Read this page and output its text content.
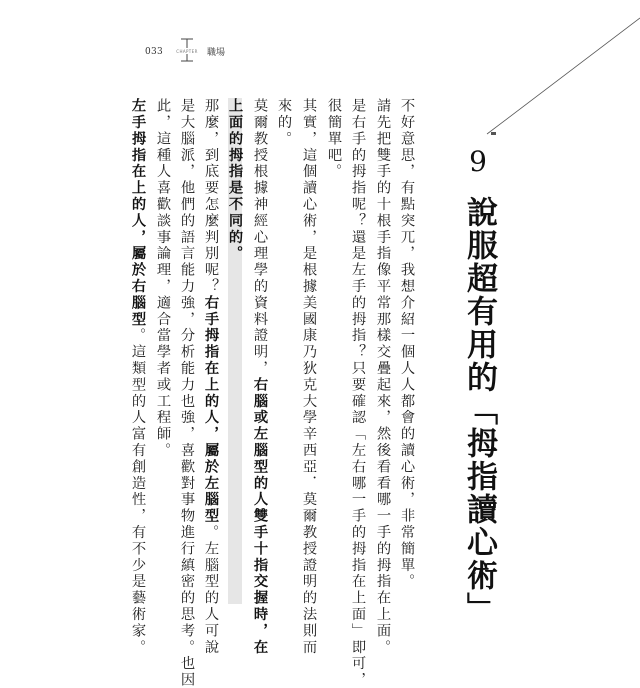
033	CHAPTER	職場
9
說服超有用的「拇指讀心術」
不好意思，有點突兀，我想介紹一個人人都會的讀心術，非常簡單。
請先把雙手的十根手指像平常那樣交疊起來，然後看看哪一手的拇指在上面。
是右手的拇指呢？還是左手的拇指？只要確認「左右哪一手的拇指在上面」即可，
很簡單吧。
其實，這個讀心術，是根據美國康乃狄克大學辛西亞．莫爾教授證明的法則而
來的。
莫爾教授根據神經心理學的資料證明，右腦或左腦型的人雙手十指交握時，在
上面的拇指是不同的。
那麼，到底要怎麼判別呢？右手拇指在上的人，屬於左腦型。左腦型的人可說
是大腦派，他們的語言能力強，分析能力也強，喜歡對事物進行縝密的思考。也因
此，這種人喜歡談事論理，適合當學者或工程師。
左手拇指在上的人，屬於右腦型。這類型的人富有創造性，有不少是藝術家。
